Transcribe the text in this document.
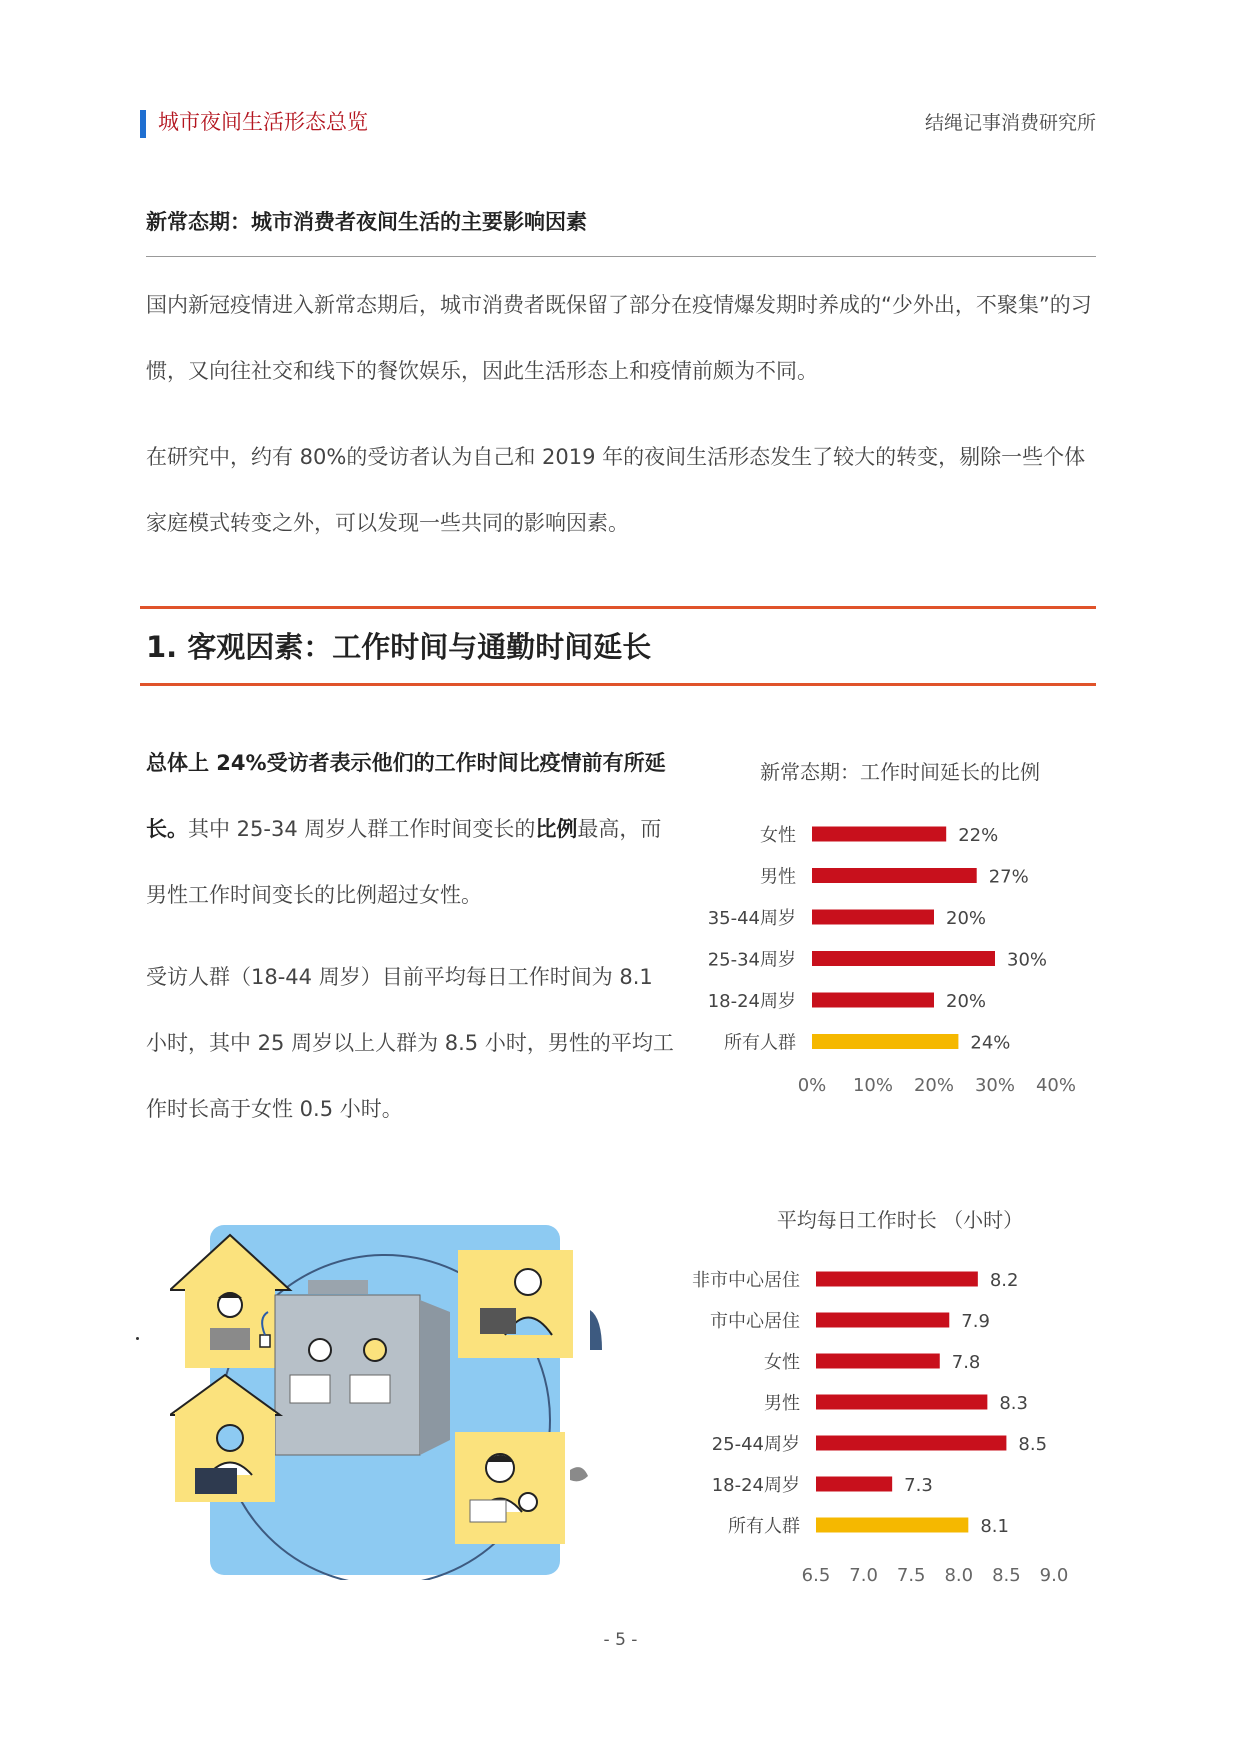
城市夜间生活形态总览	结绳记事消费研究所
新常态期：城市消费者夜间生活的主要影响因素

国内新冠疫情进入新常态期后，城市消费者既保留了部分在疫情爆发期时养成的“少外出，不聚集”的习惯，又向往社交和线下的餐饮娱乐，因此生活形态上和疫情前颇为不同。

在研究中，约有 80%的受访者认为自己和 2019 年的夜间生活形态发生了较大的转变，剔除一些个体家庭模式转变之外，可以发现一些共同的影响因素。

1. 客观因素：工作时间与通勤时间延长

总体上 24%受访者表示他们的工作时间比疫情前有所延长。其中 25-34 周岁人群工作时间变长的比例最高，而男性工作时间变长的比例超过女性。

受访人群（18-44 周岁）目前平均每日工作时间为 8.1 小时，其中 25 周岁以上人群为 8.5 小时，男性的平均工作时长高于女性 0.5 小时。

新常态期：工作时间延长的比例
女性	22%
男性	27%
35-44周岁	20%
25-34周岁	30%
18-24周岁	20%
所有人群	24%
0% 10% 20% 30% 40%
平均每日工作时长 （小时）
非市中心居住	8.2
市中心居住	7.9
女性	7.8
男性	8.3
25-44周岁	8.5
18-24周岁	7.3
所有人群	8.1
6.5 7.0 7.5 8.0 8.5 9.0
- 5 -
